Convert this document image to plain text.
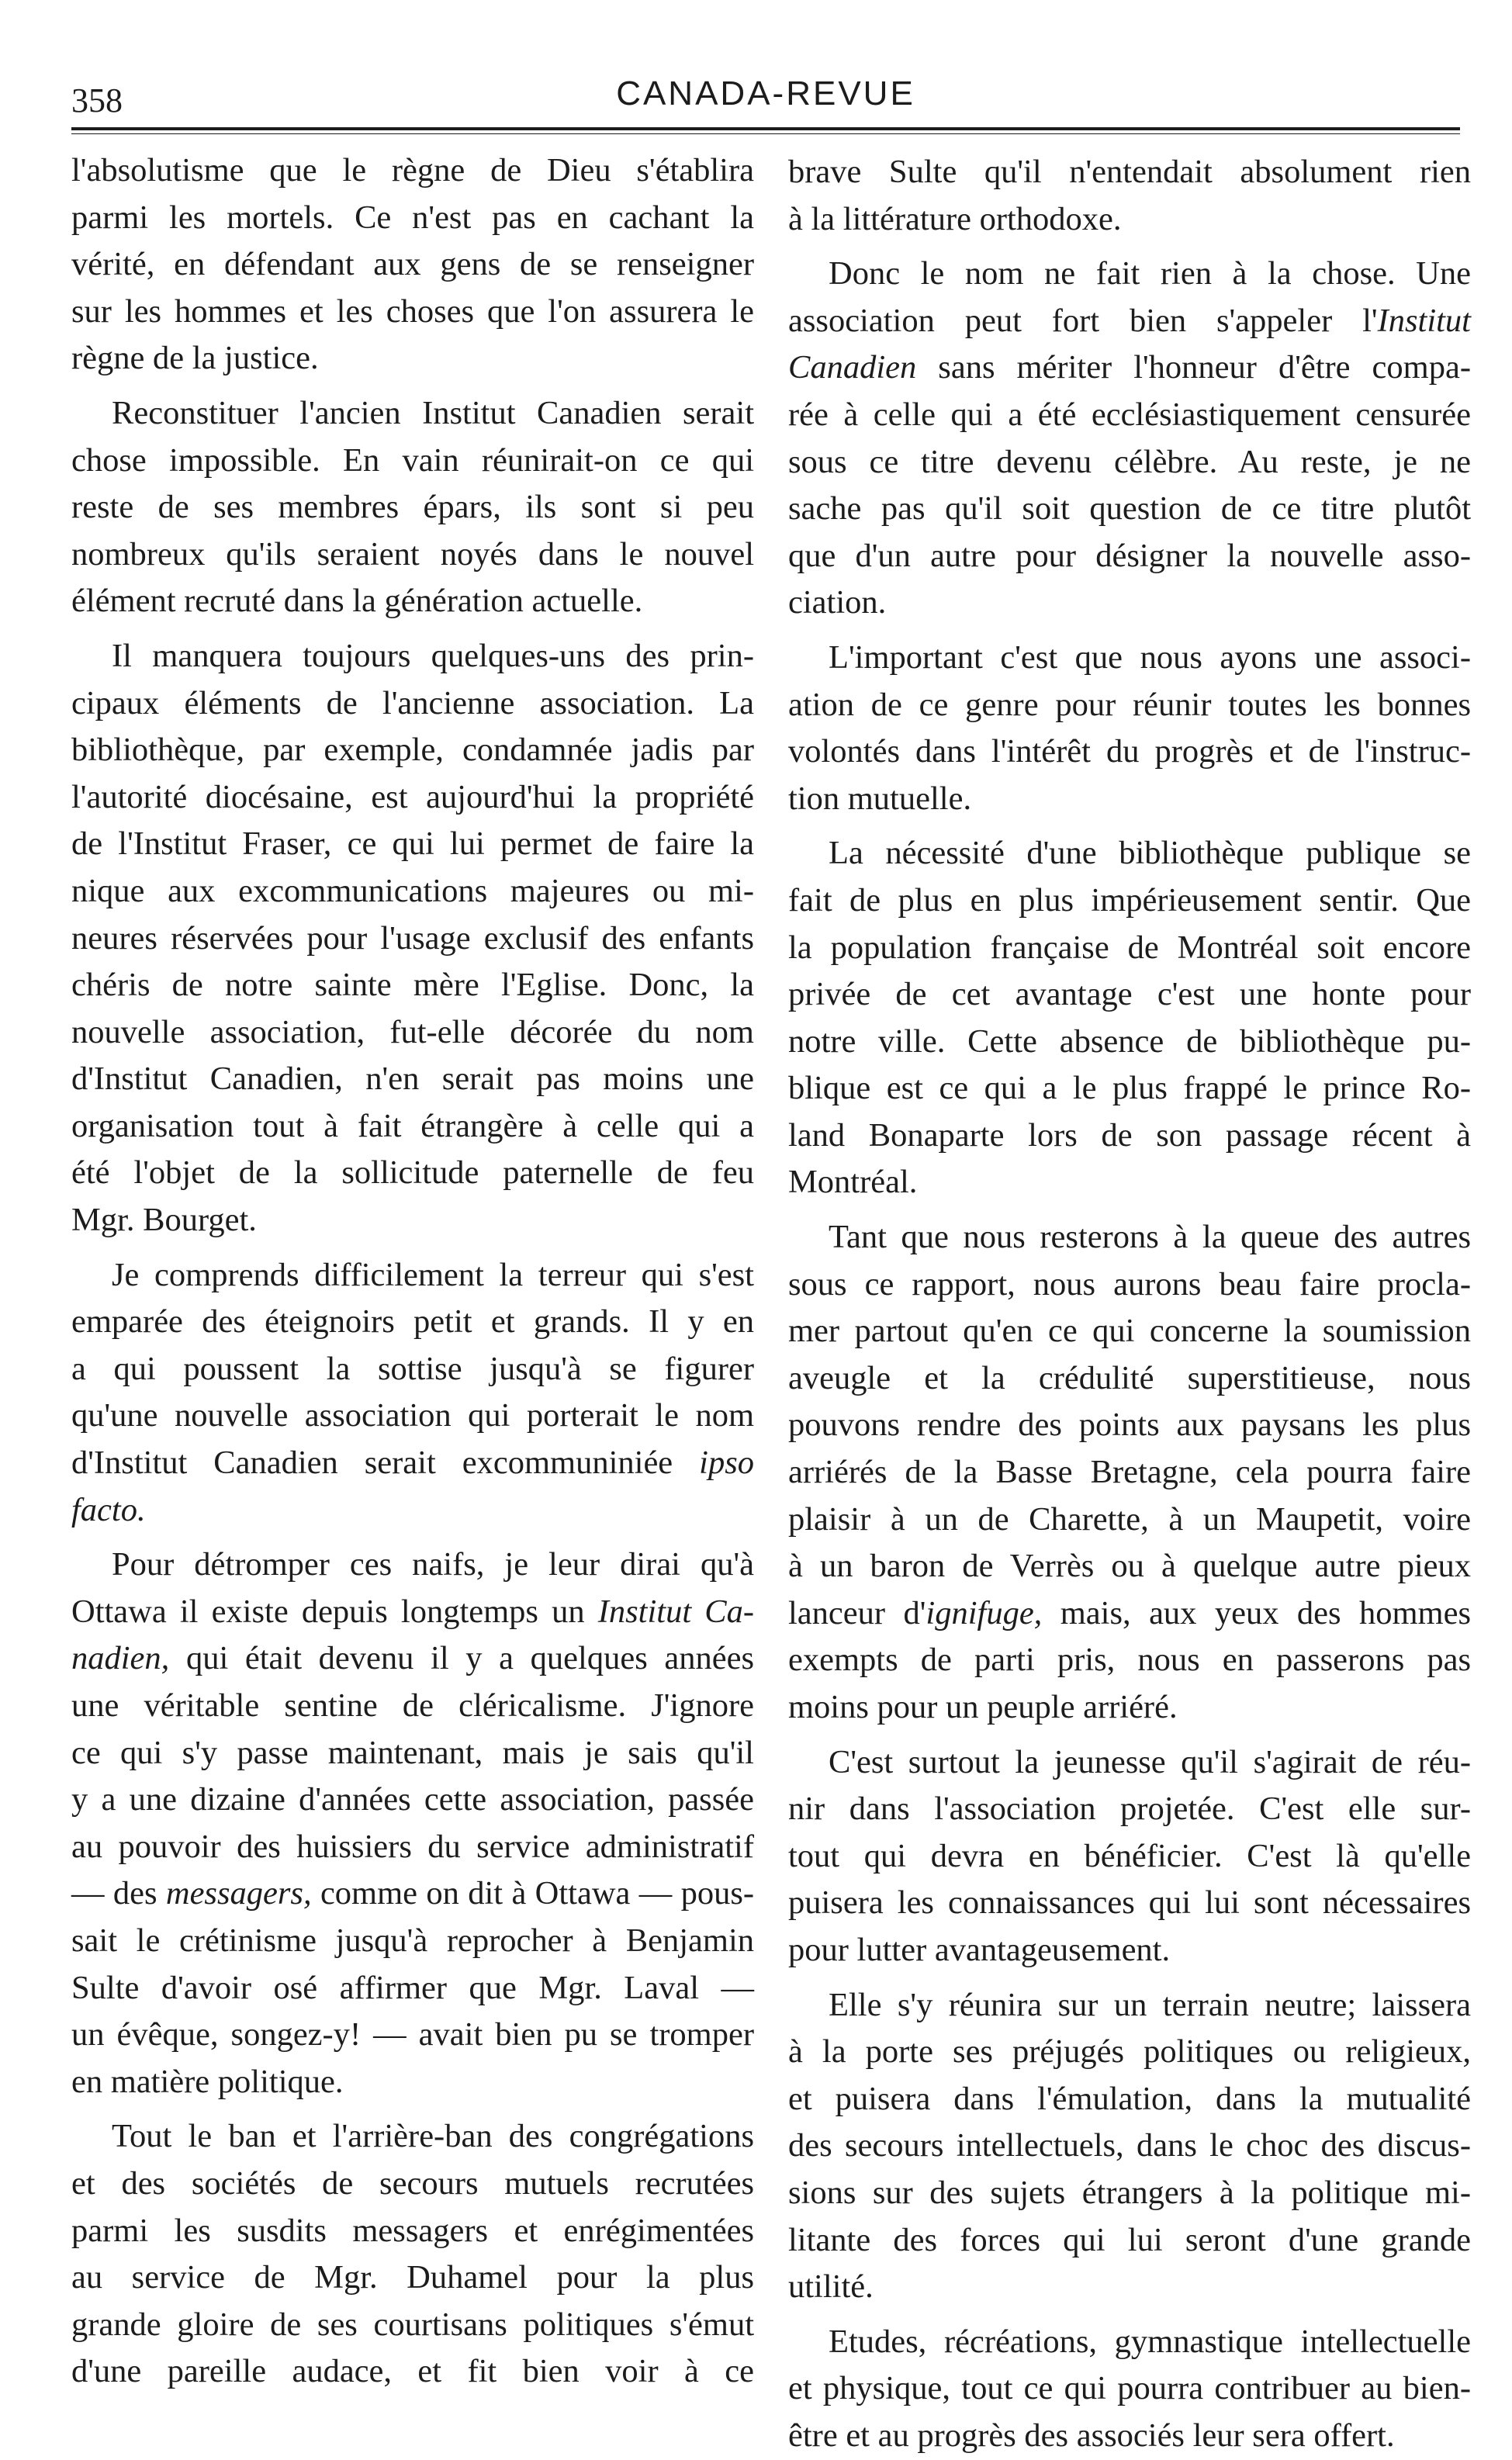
358	CANADA-REVUE
l'absolutisme que le règne de Dieu s'établira
parmi les mortels. Ce n'est pas en cachant la
vérité, en défendant aux gens de se renseigner
sur les hommes et les choses que l'on assurera le
règne de la justice.
Reconstituer l'ancien Institut Canadien serait
chose impossible. En vain réunirait-on ce qui
reste de ses membres épars, ils sont si peu
nombreux qu'ils seraient noyés dans le nouvel
élément recruté dans la génération actuelle.
Il manquera toujours quelques-uns des prin-
cipaux éléments de l'ancienne association. La
bibliothèque, par exemple, condamnée jadis par
l'autorité diocésaine, est aujourd'hui la propriété
de l'Institut Fraser, ce qui lui permet de faire la
nique aux excommunications majeures ou mi-
neures réservées pour l'usage exclusif des enfants
chéris de notre sainte mère l'Eglise. Donc, la
nouvelle association, fut-elle décorée du nom
d'Institut Canadien, n'en serait pas moins une
organisation tout à fait étrangère à celle qui a
été l'objet de la sollicitude paternelle de feu
Mgr. Bourget.
Je comprends difficilement la terreur qui s'est
emparée des éteignoirs petit et grands. Il y en
a qui poussent la sottise jusqu'à se figurer
qu'une nouvelle association qui porterait le nom
d'Institut Canadien serait excommuniniée ipso
facto.
Pour détromper ces naifs, je leur dirai qu'à
Ottawa il existe depuis longtemps un Institut Ca-
nadien, qui était devenu il y a quelques années
une véritable sentine de cléricalisme. J'ignore
ce qui s'y passe maintenant, mais je sais qu'il
y a une dizaine d'années cette association, passée
au pouvoir des huissiers du service administratif
— des messagers, comme on dit à Ottawa — pous-
sait le crétinisme jusqu'à reprocher à Benjamin
Sulte d'avoir osé affirmer que Mgr. Laval —
un évêque, songez-y! — avait bien pu se tromper
en matière politique.
Tout le ban et l'arrière-ban des congrégations
et des sociétés de secours mutuels recrutées
parmi les susdits messagers et enrégimentées
au service de Mgr. Duhamel pour la plus
grande gloire de ses courtisans politiques s'émut
d'une pareille audace, et fit bien voir à ce
brave Sulte qu'il n'entendait absolument rien
à la littérature orthodoxe.
Donc le nom ne fait rien à la chose. Une
association peut fort bien s'appeler l'Institut
Canadien sans mériter l'honneur d'être compa-
rée à celle qui a été ecclésiastiquement censurée
sous ce titre devenu célèbre. Au reste, je ne
sache pas qu'il soit question de ce titre plutôt
que d'un autre pour désigner la nouvelle asso-
ciation.
L'important c'est que nous ayons une associ-
ation de ce genre pour réunir toutes les bonnes
volontés dans l'intérêt du progrès et de l'instruc-
tion mutuelle.
La nécessité d'une bibliothèque publique se
fait de plus en plus impérieusement sentir. Que
la population française de Montréal soit encore
privée de cet avantage c'est une honte pour
notre ville. Cette absence de bibliothèque pu-
blique est ce qui a le plus frappé le prince Ro-
land Bonaparte lors de son passage récent à
Montréal.
Tant que nous resterons à la queue des autres
sous ce rapport, nous aurons beau faire procla-
mer partout qu'en ce qui concerne la soumission
aveugle et la crédulité superstitieuse, nous
pouvons rendre des points aux paysans les plus
arriérés de la Basse Bretagne, cela pourra faire
plaisir à un de Charette, à un Maupetit, voire
à un baron de Verrès ou à quelque autre pieux
lanceur d'ignifuge, mais, aux yeux des hommes
exempts de parti pris, nous en passerons pas
moins pour un peuple arriéré.
C'est surtout la jeunesse qu'il s'agirait de réu-
nir dans l'association projetée. C'est elle sur-
tout qui devra en bénéficier. C'est là qu'elle
puisera les connaissances qui lui sont nécessaires
pour lutter avantageusement.
Elle s'y réunira sur un terrain neutre; laissera
à la porte ses préjugés politiques ou religieux,
et puisera dans l'émulation, dans la mutualité
des secours intellectuels, dans le choc des discus-
sions sur des sujets étrangers à la politique mi-
litante des forces qui lui seront d'une grande
utilité.
Etudes, récréations, gymnastique intellectuelle
et physique, tout ce qui pourra contribuer au bien-
être et au progrès des associés leur sera offert.
